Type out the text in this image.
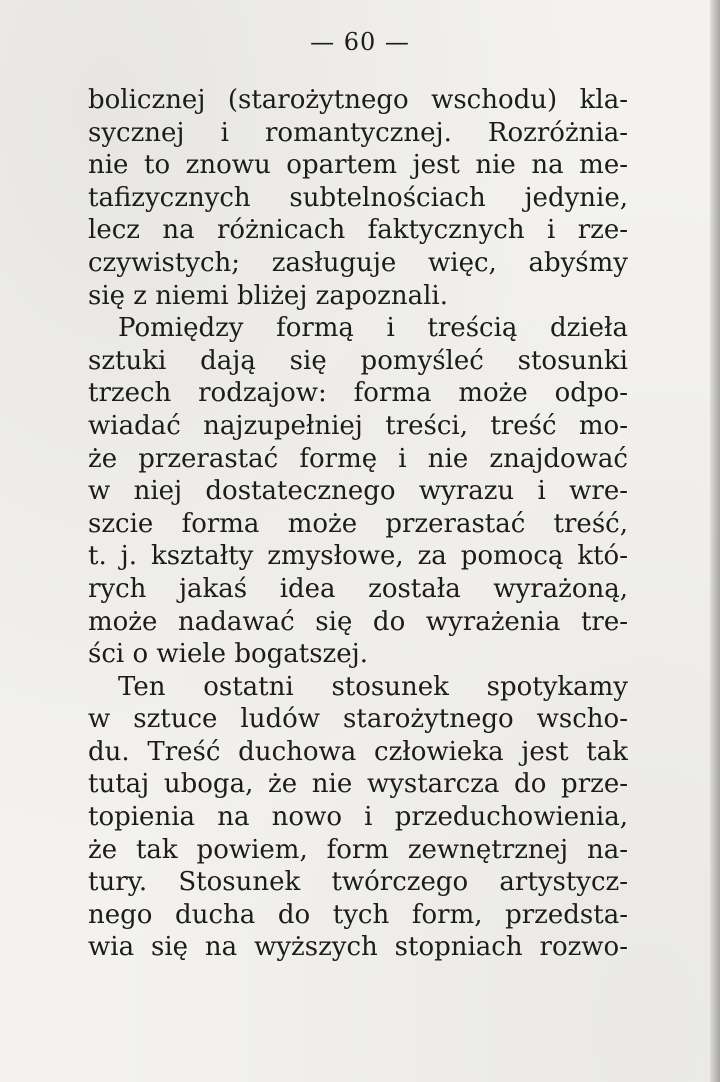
— 60 —
bolicznej (starożytnego wschodu) kla-
sycznej i romantycznej. Rozróżnia-
nie to znowu opartem jest nie na me-
tafizycznych subtelnościach jedynie,
lecz na różnicach faktycznych i rze-
czywistych; zasługuje więc, abyśmy
się z niemi bliżej zapoznali.
Pomiędzy formą i treścią dzieła
sztuki dają się pomyśleć stosunki
trzech rodzajow: forma może odpo-
wiadać najzupełniej treści, treść mo-
że przerastać formę i nie znajdować
w niej dostatecznego wyrazu i wre-
szcie forma może przerastać treść,
t. j. kształty zmysłowe, za pomocą któ-
rych jakaś idea została wyrażoną,
może nadawać się do wyrażenia tre-
ści o wiele bogatszej.
Ten ostatni stosunek spotykamy
w sztuce ludów starożytnego wscho-
du. Treść duchowa człowieka jest tak
tutaj uboga, że nie wystarcza do prze-
topienia na nowo i przeduchowienia,
że tak powiem, form zewnętrznej na-
tury. Stosunek twórczego artystycz-
nego ducha do tych form, przedsta-
wia się na wyższych stopniach rozwo-
